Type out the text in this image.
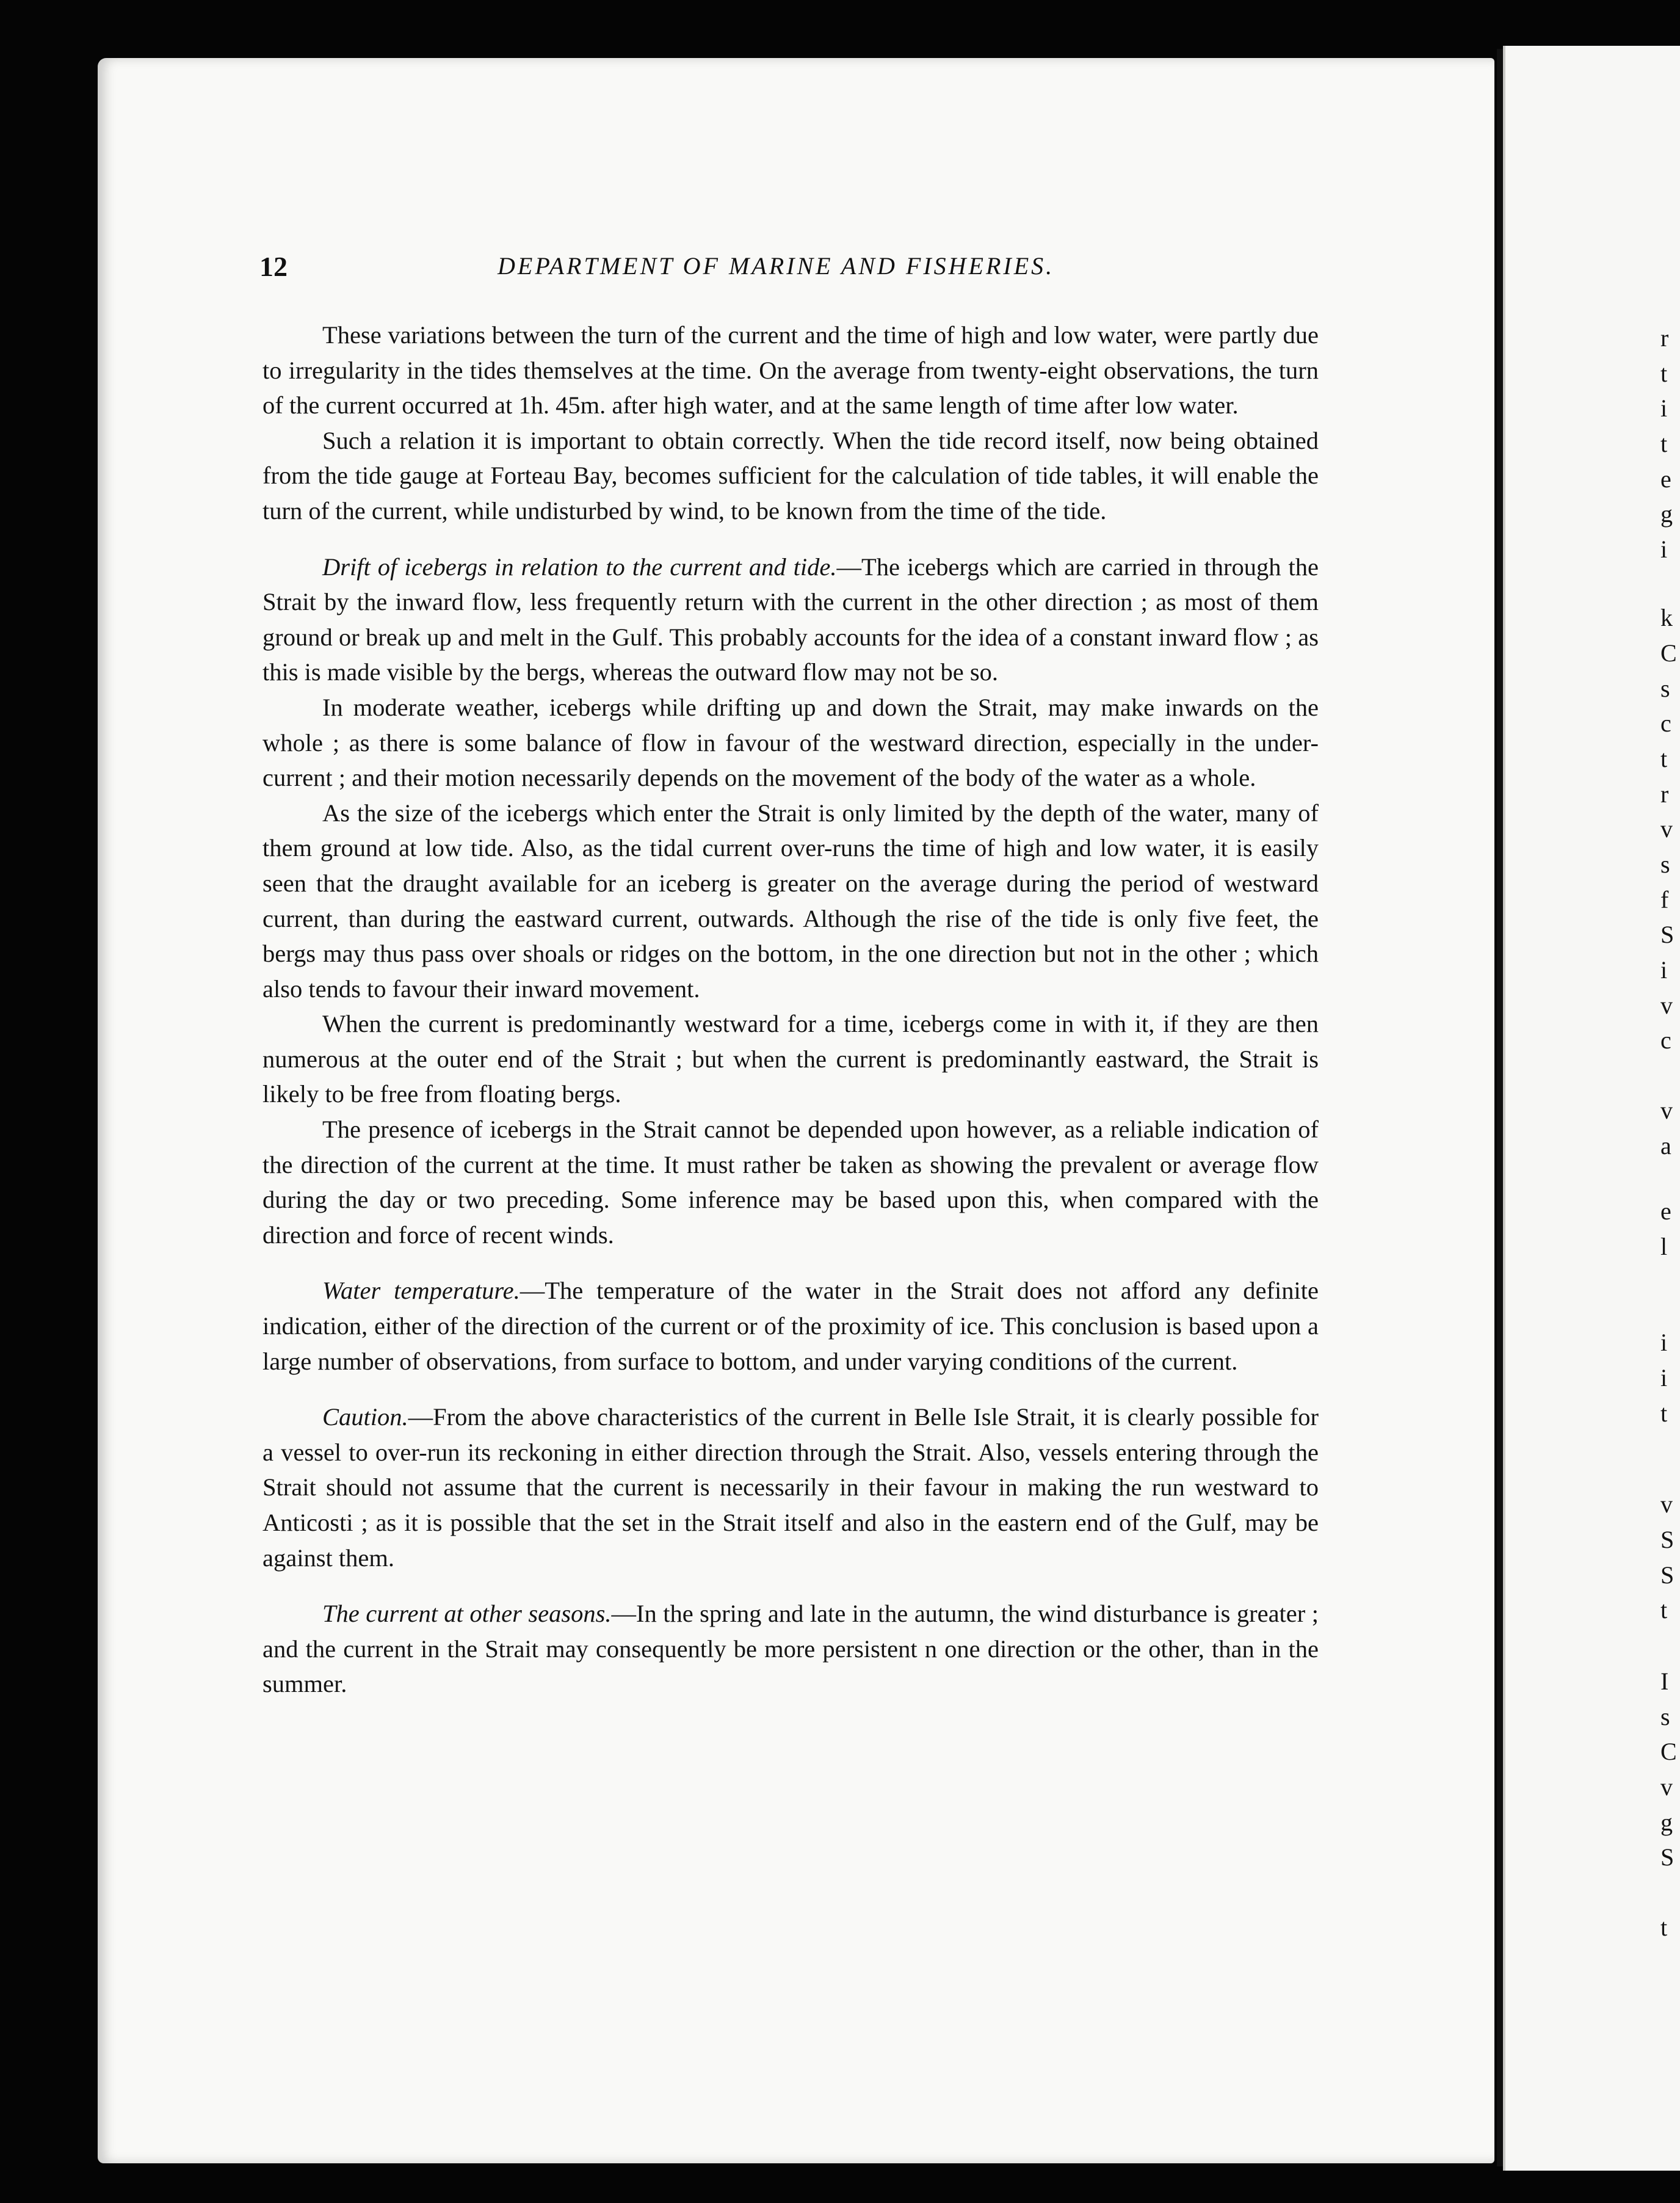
12	DEPARTMENT OF MARINE AND FISHERIES.

These variations between the turn of the current and the time of high and low water, were partly due to irregularity in the tides themselves at the time. On the average from twenty-eight observations, the turn of the current occurred at 1h. 45m. after high water, and at the same length of time after low water.

Such a relation it is important to obtain correctly. When the tide record itself, now being obtained from the tide gauge at Forteau Bay, becomes sufficient for the calculation of tide tables, it will enable the turn of the current, while undisturbed by wind, to be known from the time of the tide.

Drift of icebergs in relation to the current and tide.—The icebergs which are carried in through the Strait by the inward flow, less frequently return with the current in the other direction ; as most of them ground or break up and melt in the Gulf. This probably accounts for the idea of a constant inward flow ; as this is made visible by the bergs, whereas the outward flow may not be so.

In moderate weather, icebergs while drifting up and down the Strait, may make inwards on the whole ; as there is some balance of flow in favour of the westward direction, especially in the under-current ; and their motion necessarily depends on the movement of the body of the water as a whole.

As the size of the icebergs which enter the Strait is only limited by the depth of the water, many of them ground at low tide. Also, as the tidal current over-runs the time of high and low water, it is easily seen that the draught available for an iceberg is greater on the average during the period of westward current, than during the eastward current, outwards. Although the rise of the tide is only five feet, the bergs may thus pass over shoals or ridges on the bottom, in the one direction but not in the other ; which also tends to favour their inward movement.

When the current is predominantly westward for a time, icebergs come in with it, if they are then numerous at the outer end of the Strait ; but when the current is predominantly eastward, the Strait is likely to be free from floating bergs.

The presence of icebergs in the Strait cannot be depended upon however, as a reliable indication of the direction of the current at the time. It must rather be taken as showing the prevalent or average flow during the day or two preceding. Some inference may be based upon this, when compared with the direction and force of recent winds.

Water temperature.—The temperature of the water in the Strait does not afford any definite indication, either of the direction of the current or of the proximity of ice. This conclusion is based upon a large number of observations, from surface to bottom, and under varying conditions of the current.

Caution.—From the above characteristics of the current in Belle Isle Strait, it is clearly possible for a vessel to over-run its reckoning in either direction through the Strait. Also, vessels entering through the Strait should not assume that the current is necessarily in their favour in making the run westward to Anticosti ; as it is possible that the set in the Strait itself and also in the eastern end of the Gulf, may be against them.

The current at other seasons.—In the spring and late in the autumn, the wind disturbance is greater ; and the current in the Strait may consequently be more persistent n one direction or the other, than in the summer.

r
t
i
t
e
g
i
k
C
s
c
t
r
v
s
f
S
i
v
c
v
a
e
l
i
i
t
v
S
S
t
I
s
C
v
g
S
t
